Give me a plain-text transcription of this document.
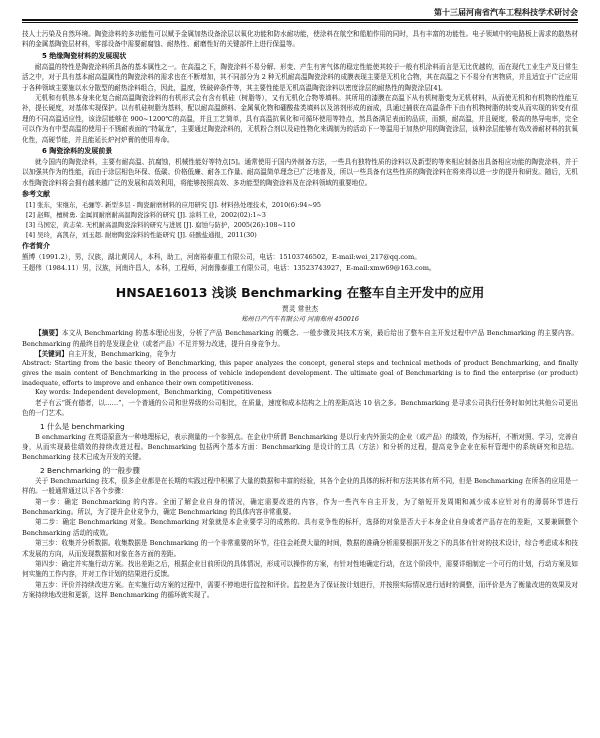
第十三届河南省汽车工程科技学术研讨会

技人士污染及自然环境。陶瓷涂料的多功能性可以赋予金属加热设备涂层以氧化功能和防水耐功能，使涂料在航空和船舶作用的同时，具有丰富的功能性。电子领域中的电路板上需求的散热材料的金属基陶瓷层材料，零部设备中需要耐腐蚀、耐热性、耐磨性好的关键部件上进行保温等。

5 绝缘陶瓷材料的发展现状

耐高温的特性是陶瓷涂料所具备的基本属性之一。在高温之下，陶瓷涂料不易分解、形变、产生有害气体的稳定性能使其较于一般有机涂料而言是无比优越的，而在现代工业生产及日常生活之中，对于具有基本耐高温属性的陶瓷涂料的需求也在不断增加，其不同部分为 2 种无机耐高温陶瓷涂料的成膜表现主要是无机化合物，其在高温之下不易分有害物质，并且适宜于广泛应用于各种领域主要施以水分散型的耐热涂料组合，因此，温度，铁破碎条件等，其主要性能是无机高温陶瓷涂料以密度涂层的耐热性的陶瓷涂层[4]。

无机和有机热本身来化复合耐高温陶瓷涂料的有机形式会有含有机硅（树脂等），又有无机化合物等填料。其所用的漆膜在高温下从有机树脂变为无机材料，从而使无机和有机物的性能互补，提长硬度，对基体实现保护。以有机硅树脂为基料，配以耐高温颜料、金属氧化物和硼酸盐类填料以及溶剂形成的面成，具通过捕获在高温条件下由有机物树脂的转变从而实现的转变有很理的不同高温适应性，该涂层能够在 900~1200℃的高温，并且工艺简单，具有高温抗氧化和可循环使用等特点，然具备满足表面的品质，而额，耐高温，并且硬度，极高的热导电率，完全可以作为有中型高温的使用于不锈耐表面的“特氟龙”，主要通过陶瓷涂料的，无机粉合剂以及硅性物化来调制为的活动下一等温用于加热炉用的陶瓷涂层，该种涂层能够有效改善耐材料的抗氧化性，高硬节能，并且能延长炉衬炉膏的使用寿命。

6 陶瓷涂料的发展前景

就今国内的陶瓷涂料，主要有耐高温、抗腐蚀，机械性能好等特点[5]。通常使用于国内外制备方法，一些具有独特性质的涂料以及新型的等来相应制备出具备相应功能的陶瓷涂料，并于以加强其作为的性能，而由于涂层相色环保、低碳、价格低廉、耐各工作量、耐高温简单理念已广泛地普及，所以一些具备有这些性质的陶瓷涂料在将来得以进一步的提升和研发。随后，无机水性陶瓷涂料将会拥有越来越广泛的发展和高效利用，将能够按照高效、多功能型的陶瓷涂料及在涂料领域的重要地位。

参考文献

[1] 张东，宋继东，毛骊等. 新型多层 - 陶瓷耐磨材料的应用研究 [J]. 材料热处理技术，2010(6):94~95

[2] 赵辉，檀树勇. 金属间耐磨耐高温陶瓷涂料的研究 [J]. 涂料工业，2002(02):1~3

[3] 马国宏，黄志荣. 无机耐高温陶瓷涂料的研究与进展 [J]. 腐蚀与防护，2005(26):108~110

[4] 吴玲，高凯存，刘玉超. 耐磨陶瓷涂料的性能研究 [J]. 硅酸盐通报，2011(30)

作者简介

熊博（1991.2），男，汉族，湖北黄冈人，本科，助工，河南裕泰重工有限公司，电话：15103746502，E-mail:wei_217@qq.com。

王超伟（1984.11）男，汉族，河南许昌人，本科，工程师，河南豫泰重工有限公司，电话：13523743927，E-mail:xmw69@163.com。

HNSAE16013 浅谈 Benchmarking 在整车自主开发中的应用
贾灵 常世杰
郑州日产汽车有限公司 河南郑州 450016

【摘要】本文从 Benchmarking 的基本理论出发，分析了产品 Benchmarking 的概念、一般步骤及其技术方案，最后给出了整车自主开发过程中产品 Benchmarking 的主要内容。Benchmarking 的最终目的是发现企业（或者产品）不足并努力改进，提升自身竞争力。

【关键词】自主开发，Benchmarking，竞争力

Abstract: Starting from the basic theory of Benchmarking, this paper analyzes the concept, general steps and technical methods of product Benchmarking, and finally gives the main content of Benchmarking in the process of vehicle independent development. The ultimate goal of Benchmarking is to find the enterprise (or product) inadequate, efforts to improve and enhance their own competitiveness.

Key words: Independent development，Benchmarking，Competitiveness

老子有云“既有德者，以……”，一个普通的公司和世界级的公司相比，在质量，速度和成本结构之上的差距高达 10 倍之多。Benchmarking 是寻求公司执行任务时如何比其他公司更出色的一门艺术。

1 什么是 benchmarking

B enchmarking 在英语原意为一种地理标记，表示测量的一个参照点。在企业中所谓 Benchmarking 是以行业内外顶尖的企业（或产品）的绩效，作为标杆，不断对照、学习，完善自身，从而实现最佳绩效的持续改进过程。Benchmarking 包括两个基本方面：Benchmarking 是设计的工具（方法）和分析的过程，提高竞争企业在标杆管理中的系统研究和总结。Benchmarking 技术已成为开发的关键。

2 Benchmarking 的一般步骤

关于 Benchmarking 技术，很多企业都是在长期的实践过程中积累了大量的数据和丰富的经验，其各个企业的具体的标杆和方法其体有所不同，但是 Benchmarking 在所各的应用是一样的。一般通常通过以下各个步骤：

第一步：确定 Benchmarking 的内容。全面了解企业自身的情况，确定需要改进的内容，作为一些汽车自主开发，为了缩短开发周期和减少成本应针对有的薄弱环节进行 Benchmarking。所以，为了提升企业竞争力，确定 Benchmarking 的具体内容非常重要。

第二步：确定 Benchmarking 对象。Benchmarking 对象就是本企业要学习的成熟的、具有竞争性的标杆，选择的对象是否大于本身企业自身或者产品存在的差距，又要兼顾整个 Benchmarking 活动的成效。

第三步：收集并分析数据。收集数据是 Benchmarking 的一个非常重要的环节，往往会耗费大量的时间，数据的准确分析需要根据开发之下的具体有针对的技术设计，综合考虑成本和技术发展的方向，从而发现数据和对象在各方面的差距。

第四步：确定并实施行动方案。找出差距之后，根据企业目前所设的具体情况，形成可以操作的方案，有针对性地确定行动，在这个阶段中，需要详细制定一个可行的计划，行动方案及如何实施的工作内容，并对工作计划的结果进行反馈。

第五步：评价并持续改进方案。在实施行动方案的过程中，需要不停地进行监控和评价。监控是为了保证按计划进行，并按照实际情况进行适时的调整，而评价是为了衡量改进的效果及对方案持续地改进和更新，这样 Benchmarking 的循环就实现了。
